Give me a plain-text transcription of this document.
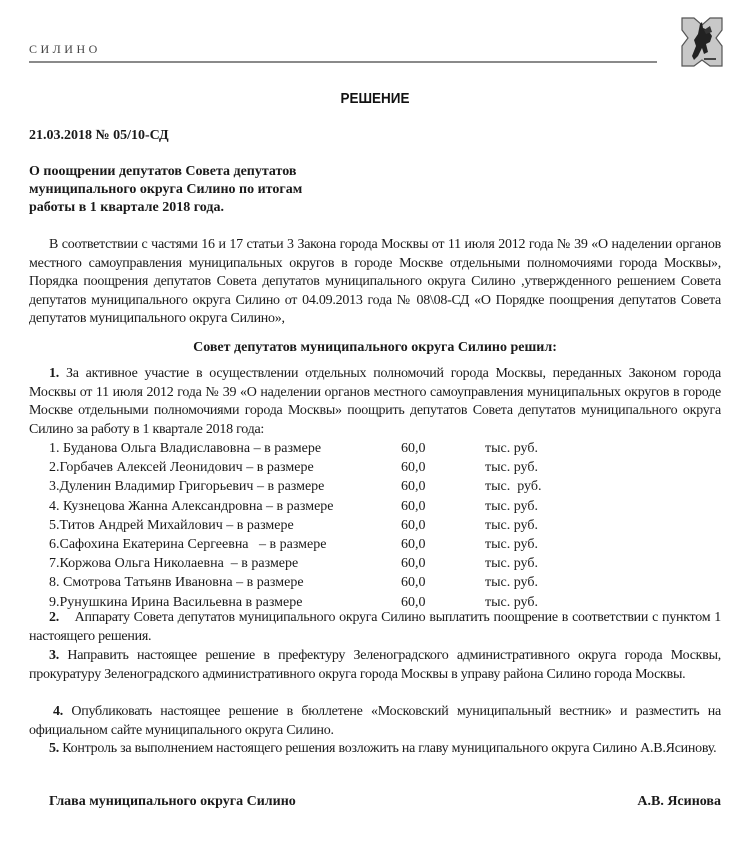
СИЛИНО
РЕШЕНИЕ
21.03.2018 № 05/10-СД
О поощрении депутатов Совета депутатов
муниципального округа Силино по итогам
работы в 1 квартале 2018 года.
В соответствии с частями 16 и 17 статьи 3 Закона города Москвы от 11 июля 2012 года № 39 «О наделении органов местного самоуправления муниципальных округов в городе Москве отдельными полномочиями города Москвы», Порядка поощрения депутатов Совета депутатов муниципального округа Силино ,утвержденного решением Совета депутатов муниципального округа Силино от 04.09.2013 года № 08\08-СД «О Порядке поощрения депутатов Совета депутатов муниципального округа Силино»,
Совет депутатов муниципального округа Силино решил:
1. За активное участие в осуществлении отдельных полномочий города Москвы, переданных Законом города Москвы от 11 июля 2012 года № 39 «О наделении органов местного самоуправления муниципальных округов в городе Москве отдельными полномочиями города Москвы» поощрить депутатов Совета депутатов муниципального округа Силино за работу в 1 квартале 2018 года:
1. Буданова Ольга Владиславовна – в размере	60,0	тыс. руб.
2.Горбачев Алексей Леонидович – в размере	60,0	тыс. руб.
3.Дуленин Владимир Григорьевич – в размере	60,0	тыс.  руб.
4. Кузнецова Жанна Александровна – в размере	60,0	тыс. руб.
5.Титов Андрей Михайлович – в размере	60,0	тыс. руб.
6.Сафохина Екатерина Сергеевна   – в размере	60,0	тыс. руб.
7.Коржова Ольга Николаевна  – в размере	60,0	тыс. руб.
8. Смотрова Татьянв Ивановна – в размере	60,0	тыс. руб.
9.Рунушкина Ирина Васильевна в размере	60,0	тыс. руб.
2. Аппарату Совета депутатов муниципального округа Силино выплатить поощрение в соответствии с пунктом 1 настоящего решения.
3. Направить настоящее решение в префектуру Зеленоградского административного округа города Москвы, прокуратуру Зеленоградского административного округа города Москвы в управу района Силино города Москвы.
4. Опубликовать настоящее решение в бюллетене «Московский муниципальный вестник» и разместить на официальном сайте муниципального округа Силино.
5. Контроль за выполнением настоящего решения возложить на главу муниципального округа Силино А.В.Ясинову.
Глава муниципального округа Силино	А.В. Ясинова
